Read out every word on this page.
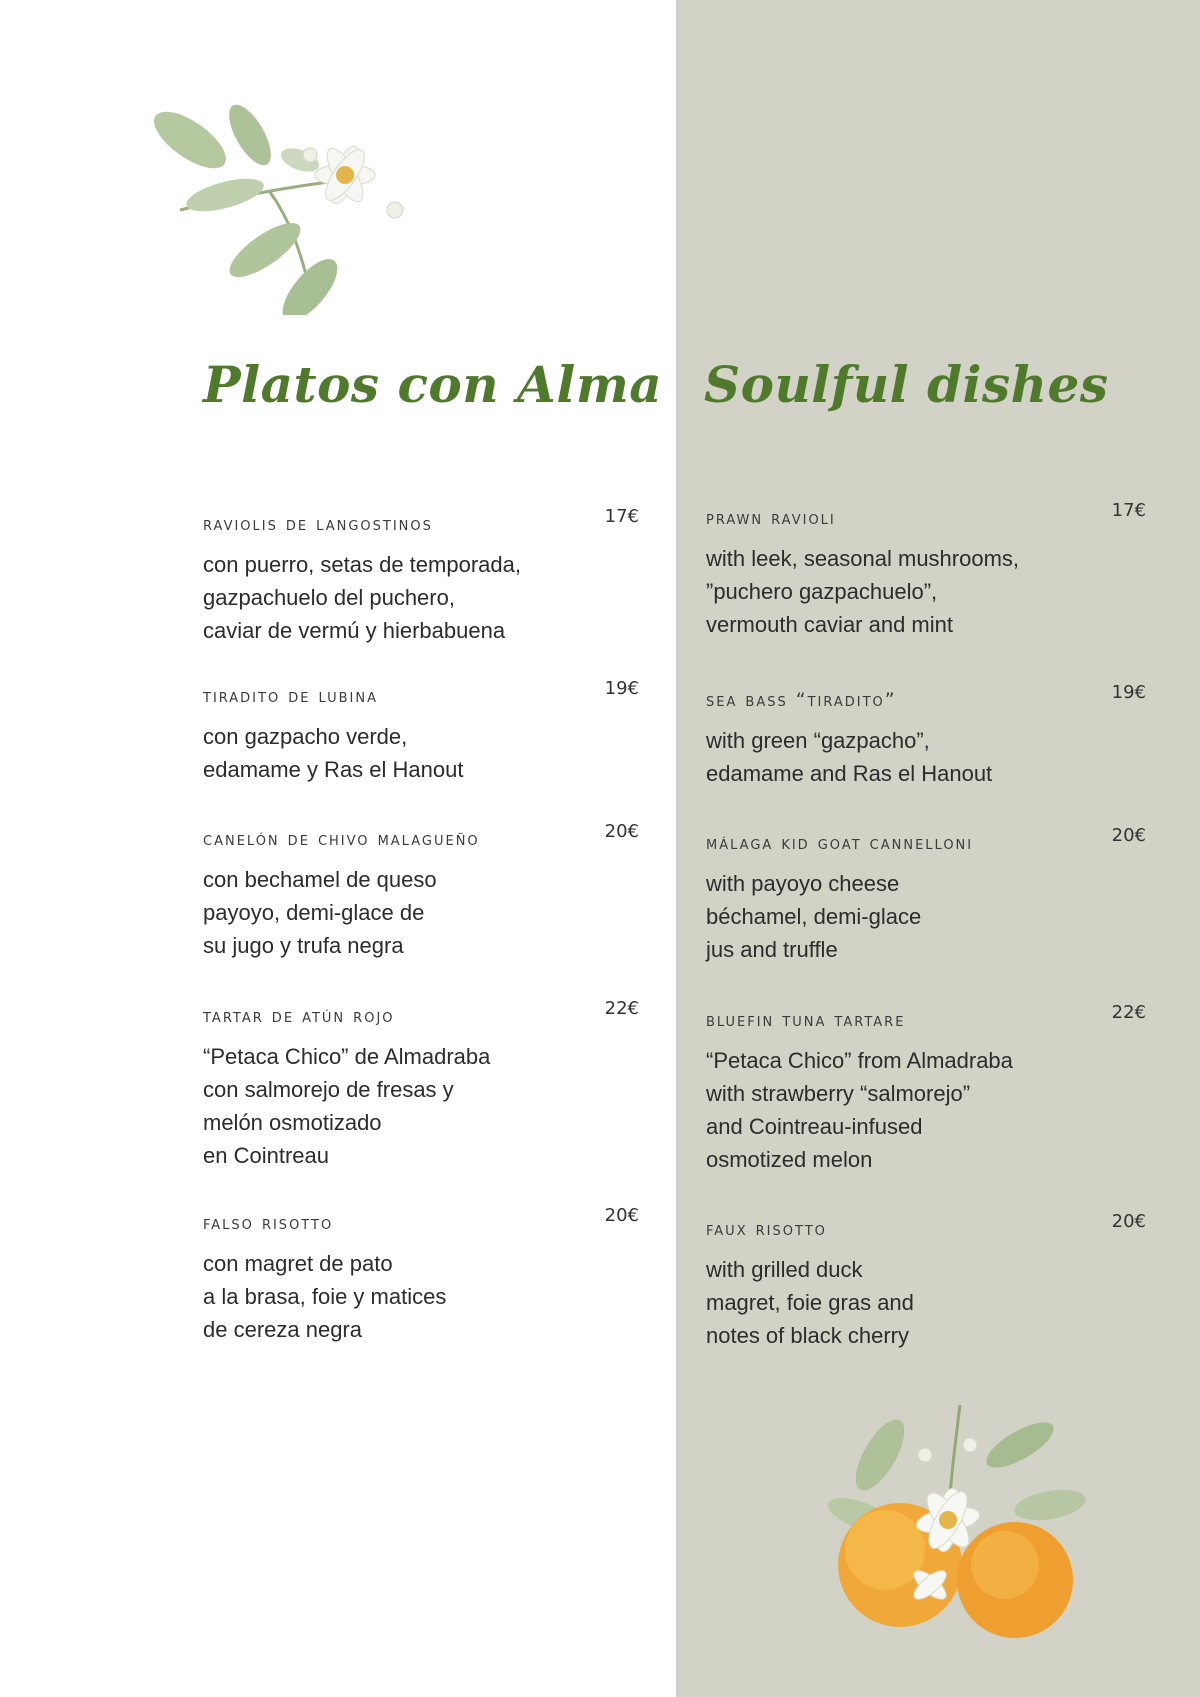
Platos con Alma Soulful dishes
raviolis de langostinos	17€
con puerro, setas de temporada,
gazpachuelo del puchero,
caviar de vermú y hierbabuena
tiradito de lubina	19€
con gazpacho verde,
edamame y Ras el Hanout
canelón de chivo malagueño	20€
con bechamel de queso
payoyo, demi-glace de
su jugo y trufa negra
tartar de atún rojo	22€
“Petaca Chico” de Almadraba
con salmorejo de fresas y
melón osmotizado
en Cointreau
falso risotto	20€
con magret de pato
a la brasa, foie y matices
de cereza negra
prawn ravioli	17€
with leek, seasonal mushrooms,
”puchero gazpachuelo”,
vermouth caviar and mint
sea bass “tiradito”	19€
with green “gazpacho”,
edamame and Ras el Hanout
málaga kid goat cannelloni	20€
with payoyo cheese
béchamel, demi-glace
jus and truffle
bluefin tuna tartare	22€
“Petaca Chico” from Almadraba
with strawberry “salmorejo”
and Cointreau-infused
osmotized melon
faux risotto	20€
with grilled duck
magret, foie gras and
notes of black cherry
